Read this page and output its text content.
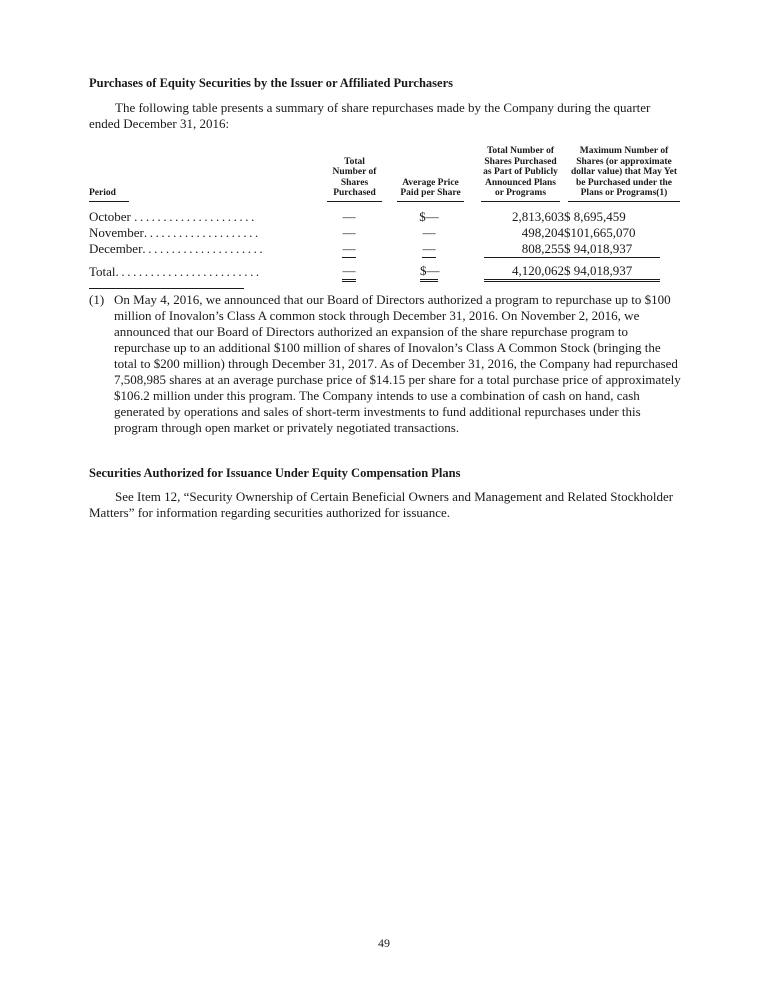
Purchases of Equity Securities by the Issuer or Affiliated Purchasers
The following table presents a summary of share repurchases made by the Company during the quarter ended December 31, 2016:
Period	Total Number of Shares Purchased	Average Price Paid per Share	Total Number of Shares Purchased as Part of Publicly Announced Plans or Programs	Maximum Number of Shares (or approximate dollar value) that May Yet be Purchased under the Plans or Programs(1)

October .....................	—	$—	2,813,603	$ 8,695,459
November....................	—	—	498,204	$101,665,070
December.....................	—	—	808,255	$ 94,018,937

Total.........................	—	$—	4,120,062	$ 94,018,937
(1) On May 4, 2016, we announced that our Board of Directors authorized a program to repurchase up to $100 million of Inovalon’s Class A common stock through December 31, 2016. On November 2, 2016, we announced that our Board of Directors authorized an expansion of the share repurchase program to repurchase up to an additional $100 million of shares of Inovalon’s Class A Common Stock (bringing the total to $200 million) through December 31, 2017. As of December 31, 2016, the Company had repurchased 7,508,985 shares at an average purchase price of $14.15 per share for a total purchase price of approximately $106.2 million under this program. The Company intends to use a combination of cash on hand, cash generated by operations and sales of short-term investments to fund additional repurchases under this program through open market or privately negotiated transactions.
Securities Authorized for Issuance Under Equity Compensation Plans
See Item 12, “Security Ownership of Certain Beneficial Owners and Management and Related Stockholder Matters” for information regarding securities authorized for issuance.
49
